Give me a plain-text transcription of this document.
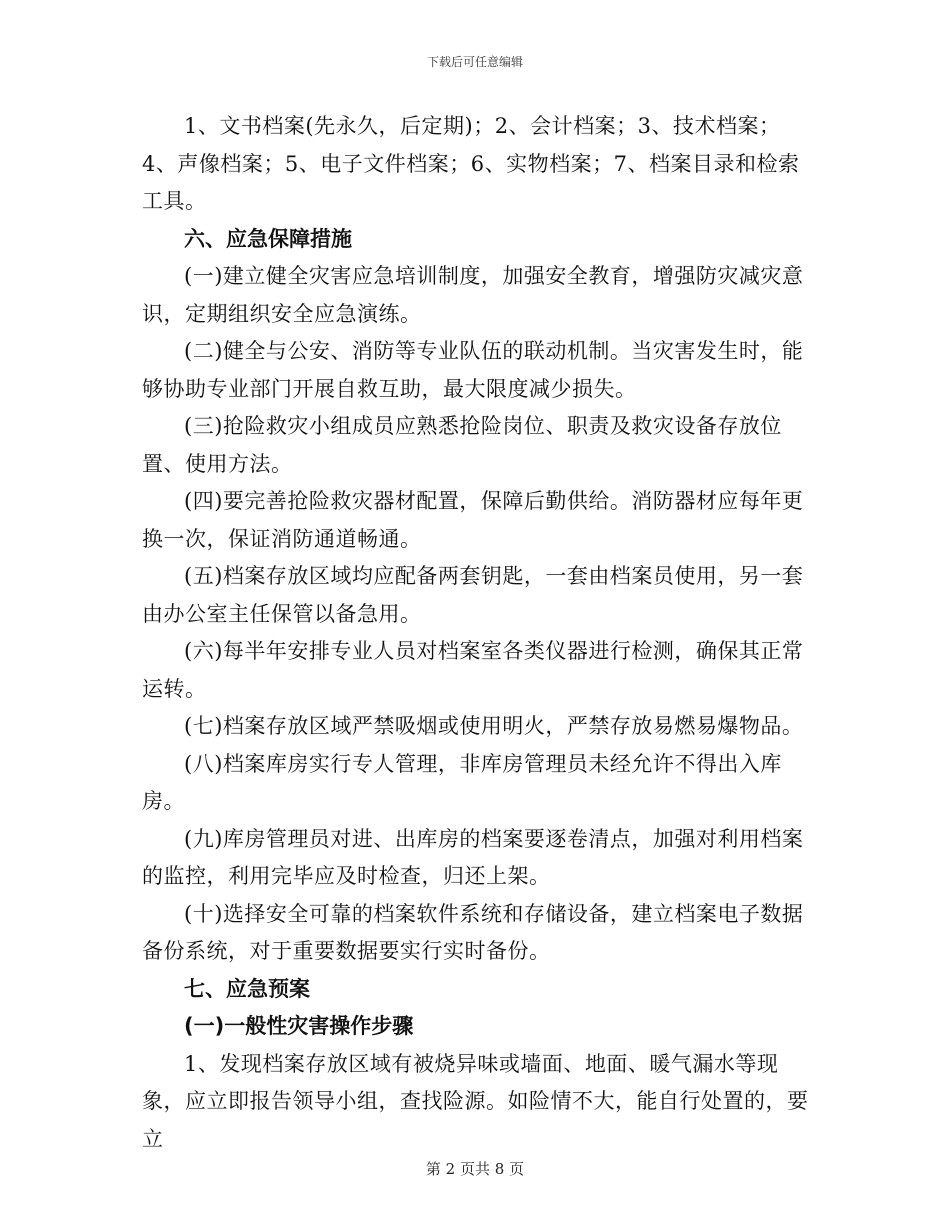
下载后可任意编辑

1、文书档案(先永久，后定期)；2、会计档案；3、技术档案；4、声像档案；5、电子文件档案；6、实物档案；7、档案目录和检索工具。

六、应急保障措施

(一)建立健全灾害应急培训制度，加强安全教育，增强防灾减灾意识，定期组织安全应急演练。

(二)健全与公安、消防等专业队伍的联动机制。当灾害发生时，能够协助专业部门开展自救互助，最大限度减少损失。

(三)抢险救灾小组成员应熟悉抢险岗位、职责及救灾设备存放位置、使用方法。

(四)要完善抢险救灾器材配置，保障后勤供给。消防器材应每年更换一次，保证消防通道畅通。

(五)档案存放区域均应配备两套钥匙，一套由档案员使用，另一套由办公室主任保管以备急用。

(六)每半年安排专业人员对档案室各类仪器进行检测，确保其正常运转。

(七)档案存放区域严禁吸烟或使用明火，严禁存放易燃易爆物品。

(八)档案库房实行专人管理，非库房管理员未经允许不得出入库房。

(九)库房管理员对进、出库房的档案要逐卷清点，加强对利用档案的监控，利用完毕应及时检查，归还上架。

(十)选择安全可靠的档案软件系统和存储设备，建立档案电子数据备份系统，对于重要数据要实行实时备份。

七、应急预案

(一)一般性灾害操作步骤

1、发现档案存放区域有被烧异味或墙面、地面、暖气漏水等现象，应立即报告领导小组，查找险源。如险情不大，能自行处置的，要立

第 2 页共 8 页
